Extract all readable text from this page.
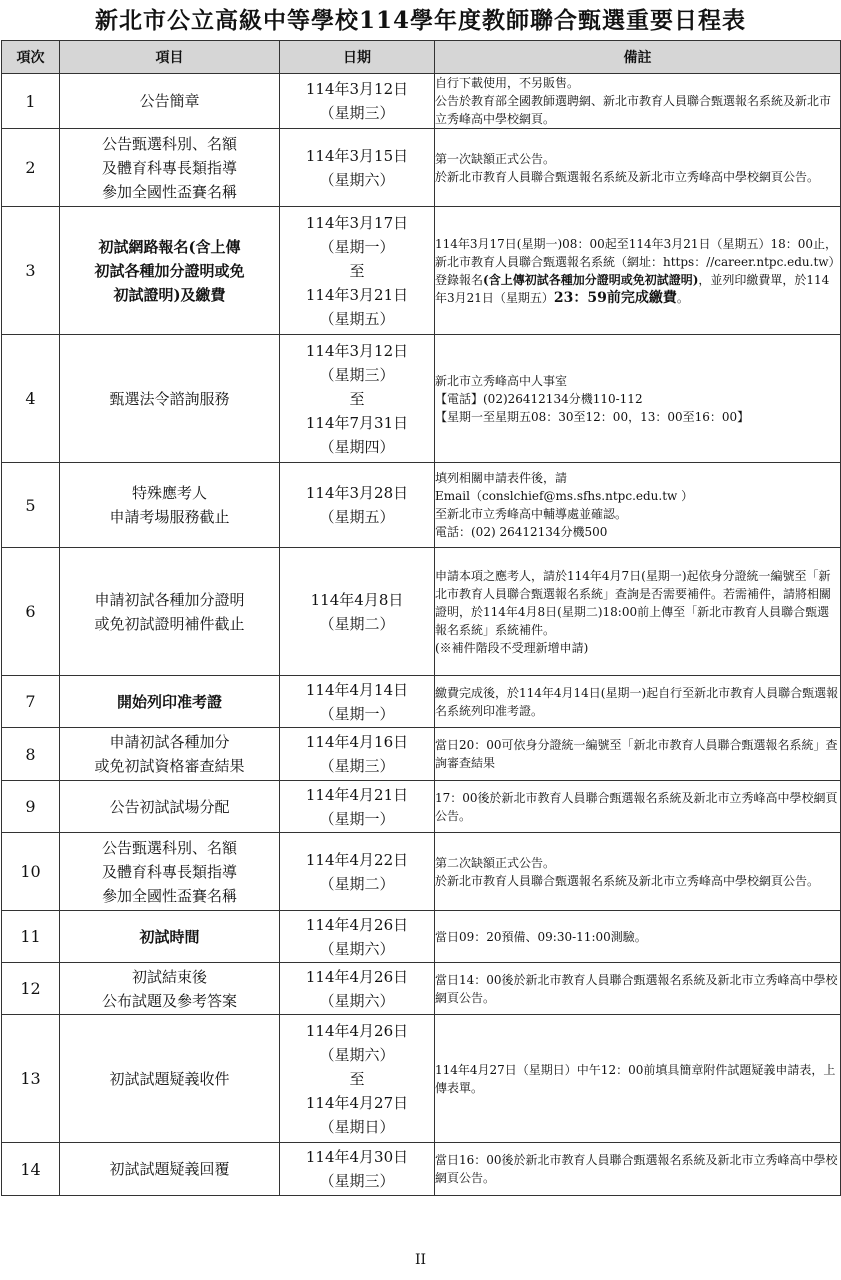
新北市公立高級中等學校114學年度教師聯合甄選重要日程表
項次	項目	日期	備註
1	公告簡章	114年3月12日
（星期三）	自行下載使用，不另販售。
公告於教育部全國教師選聘網、新北市教育人員聯合甄選報名系統及新北市立秀峰高中學校網頁。

2	公告甄選科別、名額
及體育科專長類指導
參加全國性盃賽名稱	114年3月15日
（星期六）	第一次缺額正式公告。
於新北市教育人員聯合甄選報名系統及新北市立秀峰高中學校網頁公告。

3	初試網路報名(含上傳
初試各種加分證明或免
初試證明)及繳費	114年3月17日
（星期一）
至
114年3月21日
（星期五）	114年3月17日(星期一)08：00起至114年3月21日（星期五）18：00止，新北市教育人員聯合甄選報名系統（網址：https：//career.ntpc.edu.tw）登錄報名(含上傳初試各種加分證明或免初試證明)，並列印繳費單，於114年3月21日（星期五）23：59前完成繳費。
4	甄選法令諮詢服務	114年3月12日
（星期三）
至
114年7月31日
（星期四）	新北市立秀峰高中人事室
【電話】(02)26412134分機110-112
【星期一至星期五08：30至12：00，13：00至16：00】

5	特殊應考人
申請考場服務截止	114年3月28日
（星期五）	填列相關申請表件後，請
Email（conslchief@ms.sfhs.ntpc.edu.tw ）
至新北市立秀峰高中輔導處並確認。
電話：(02) 26412134分機500

6	申請初試各種加分證明
或免初試證明補件截止	114年4月8日
（星期二）	申請本項之應考人，請於114年4月7日(星期一)起依身分證統一編號至「新北市教育人員聯合甄選報名系統」查詢是否需要補件。若需補件，請將相關證明，於114年4月8日(星期二)18:00前上傳至「新北市教育人員聯合甄選報名系統」系統補件。
(※補件階段不受理新增申請)

7	開始列印准考證	114年4月14日
（星期一）	繳費完成後，於114年4月14日(星期一)起自行至新北市教育人員聯合甄選報名系統列印准考證。

8	申請初試各種加分
或免初試資格審查結果	114年4月16日
（星期三）	當日20：00可依身分證統一編號至「新北市教育人員聯合甄選報名系統」查詢審查結果

9	公告初試試場分配	114年4月21日
（星期一）	17：00後於新北市教育人員聯合甄選報名系統及新北市立秀峰高中學校網頁公告。

10	公告甄選科別、名額
及體育科專長類指導
參加全國性盃賽名稱	114年4月22日
（星期二）	第二次缺額正式公告。
於新北市教育人員聯合甄選報名系統及新北市立秀峰高中學校網頁公告。

11	初試時間	114年4月26日
（星期六）	當日09：20預備、09:30-11:00測驗。

12	初試結束後
公布試題及參考答案	114年4月26日
（星期六）	當日14：00後於新北市教育人員聯合甄選報名系統及新北市立秀峰高中學校網頁公告。

13	初試試題疑義收件	114年4月26日
（星期六）
至
114年4月27日
（星期日）	114年4月27日（星期日）中午12：00前填具簡章附件試題疑義申請表，上傳表單。

14	初試試題疑義回覆	114年4月30日
（星期三）	當日16：00後於新北市教育人員聯合甄選報名系統及新北市立秀峰高中學校網頁公告。
II
